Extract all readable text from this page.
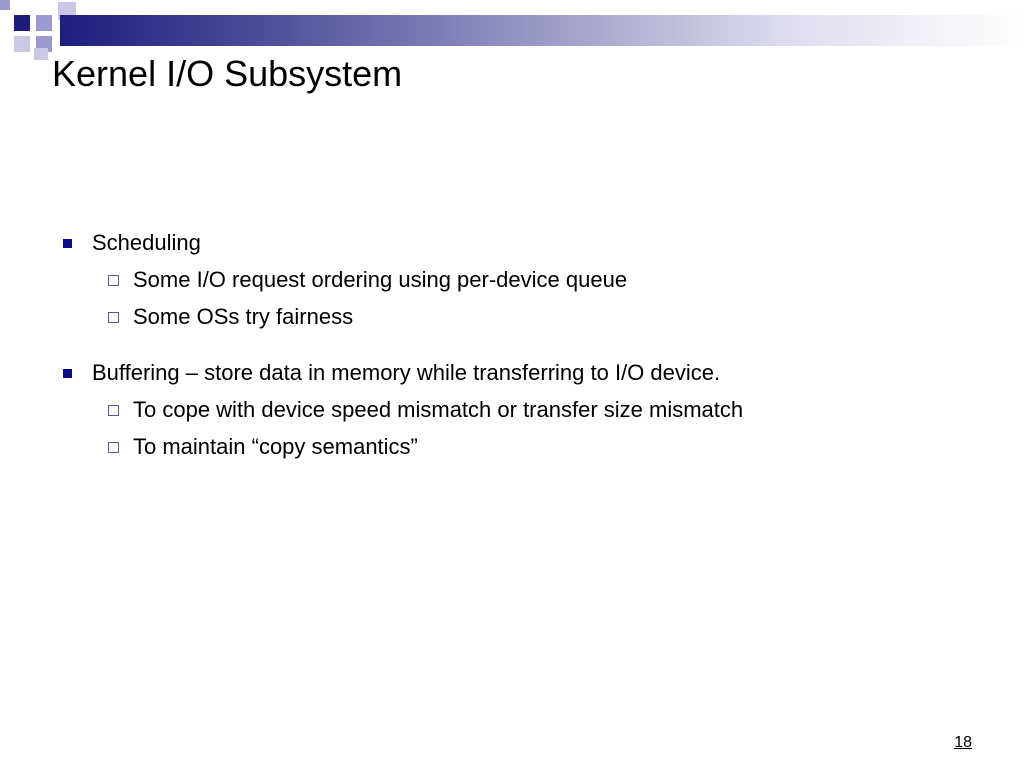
Kernel I/O Subsystem

Scheduling

Some I/O request ordering using per-device queue
Some OSs try fairness

Buffering – store data in memory while transferring to I/O device.

To cope with device speed mismatch or transfer size mismatch
To maintain “copy semantics”
18
